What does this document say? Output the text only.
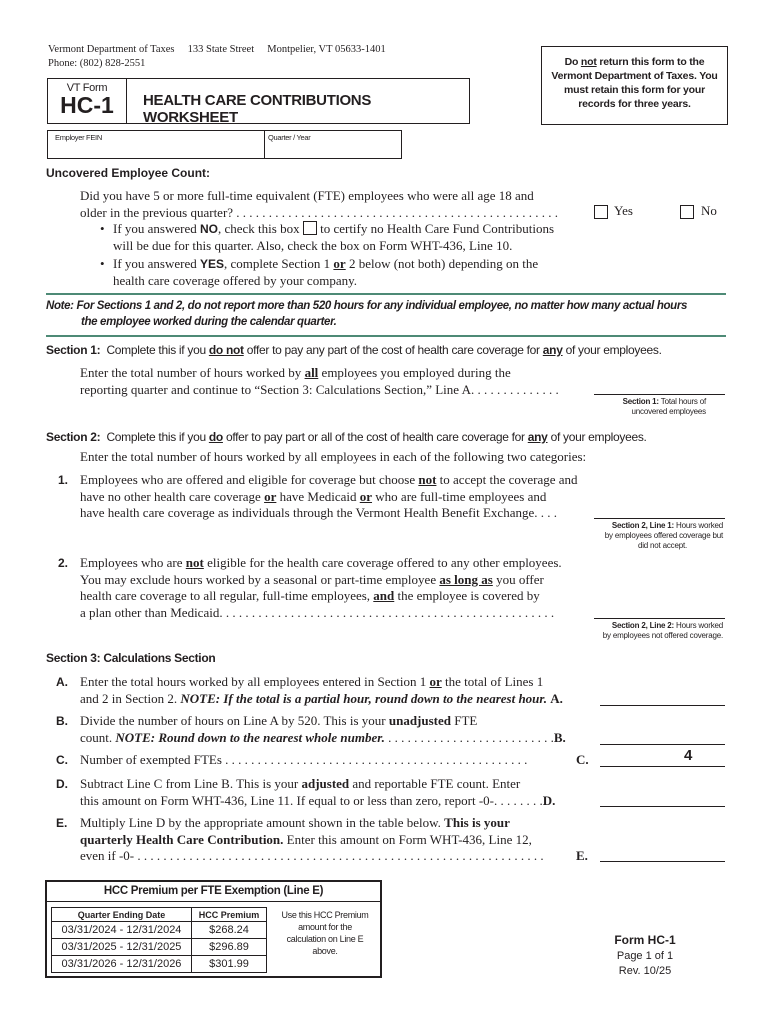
Vermont Department of Taxes 133 State Street Montpelier, VT 05633-1401
Phone: (802) 828-2551
VT Form
HC-1	HEALTH CARE CONTRIBUTIONS WORKSHEET
Do not return this form to the Vermont Department of Taxes. You must retain this form for your records for three years.
Employer FEIN	Quarter / Year
Uncovered Employee Count:
Did you have 5 or more full-time equivalent (FTE) employees who were all age 18 and
older in the previous quarter? . . . . . . . . . . . . . . . . . . . . . . . . . . . . . . . . . . . . . . . . . . . . . . . . . .	Yes	No
• If you answered NO, check this box  to certify no Health Care Fund Contributions
will be due for this quarter. Also, check the box on Form WHT-436, Line 10.
• If you answered YES, complete Section 1 or 2 below (not both) depending on the
health care coverage offered by your company.
Note: For Sections 1 and 2, do not report more than 520 hours for any individual employee, no matter how many actual hours
the employee worked during the calendar quarter.
Section 1: Complete this if you do not offer to pay any part of the cost of health care coverage for any of your employees.
Enter the total number of hours worked by all employees you employed during the
reporting quarter and continue to “Section 3: Calculations Section,” Line A. . . . . . . . . . . . . .
Section 1: Total hours of
uncovered employees
Section 2: Complete this if you do offer to pay part or all of the cost of health care coverage for any of your employees.
Enter the total number of hours worked by all employees in each of the following two categories:
1. Employees who are offered and eligible for coverage but choose not to accept the coverage and
have no other health care coverage or have Medicaid or who are full-time employees and
have health care coverage as individuals through the Vermont Health Benefit Exchange. . . .
Section 2, Line 1: Hours worked
by employees offered coverage but
did not accept.
2. Employees who are not eligible for the health care coverage offered to any other employees.
You may exclude hours worked by a seasonal or part-time employee as long as you offer
health care coverage to all regular, full-time employees, and the employee is covered by
a plan other than Medicaid. . . . . . . . . . . . . . . . . . . . . . . . . . . . . . . . . . . . . . . . . . . . . . . . . . . .
Section 2, Line 2: Hours worked
by employees not offered coverage.
Section 3: Calculations Section
A. Enter the total hours worked by all employees entered in Section 1 or the total of Lines 1
and 2 in Section 2. NOTE: If the total is a partial hour, round down to the nearest hour. A.
B. Divide the number of hours on Line A by 520. This is your unadjusted FTE
count. NOTE: Round down to the nearest whole number. . . . . . . . . . . . . . . . . . . . . . . . . . .B.
C. Number of exempted FTEs . . . . . . . . . . . . . . . . . . . . . . . . . . . . . . . . . . . . . . . . . . . . . . .	C.	4
D. Subtract Line C from Line B. This is your adjusted and reportable FTE count. Enter
this amount on Form WHT-436, Line 11. If equal to or less than zero, report -0-. . . . . . . .D.
E. Multiply Line D by the appropriate amount shown in the table below. This is your
quarterly Health Care Contribution. Enter this amount on Form WHT-436, Line 12,
even if -0- . . . . . . . . . . . . . . . . . . . . . . . . . . . . . . . . . . . . . . . . . . . . . . . . . . . . . . . . . . . . . . . E.
HCC Premium per FTE Exemption (Line E)
Quarter Ending Date	HCC Premium
03/31/2024 - 12/31/2024	$268.24
03/31/2025 - 12/31/2025	$296.89
03/31/2026 - 12/31/2026	$301.99
Use this HCC Premium amount for the calculation on Line E above.
Form HC-1
Page 1 of 1
Rev. 10/25
